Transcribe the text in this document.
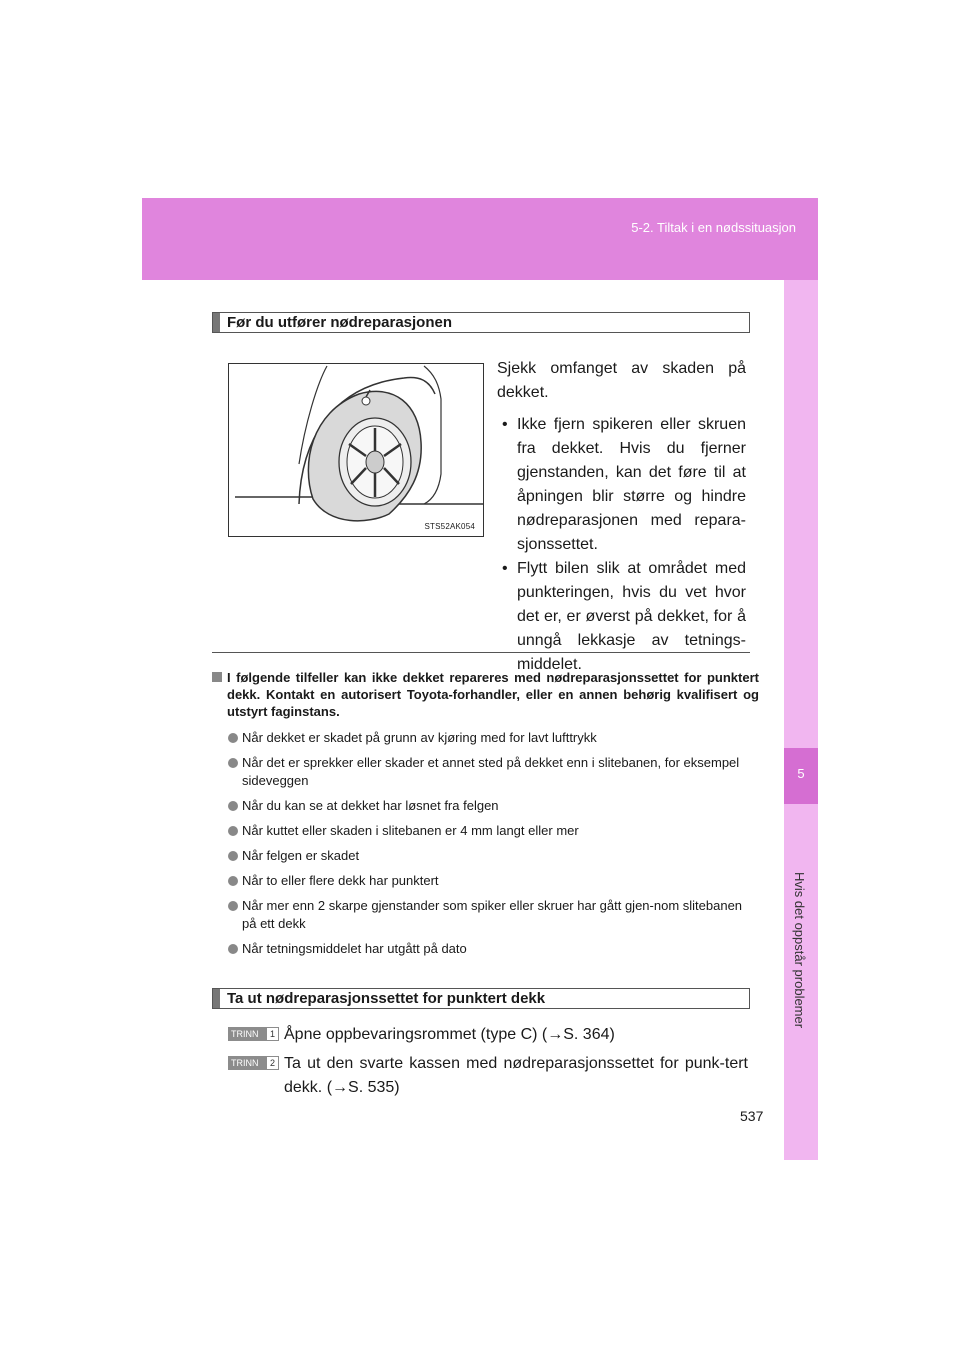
5-2. Tiltak i en nødssituasjon
5
Hvis det oppstår problemer
Før du utfører nødreparasjonen
STS52AK054

Sjekk omfanget av skaden på dekket.

• Ikke fjern spikeren eller skruen fra dekket. Hvis du fjerner gjenstanden, kan det føre til at åpningen blir større og hindre nødreparasjonen med repara-sjonssettet.
• Flytt bilen slik at området med punkteringen, hvis du vet hvor det er, er øverst på dekket, for å unngå lekkasje av tetnings-middelet.
I følgende tilfeller kan ikke dekket repareres med nødreparasjonssettet for punktert dekk. Kontakt en autorisert Toyota-forhandler, eller en annen behørig kvalifisert og utstyrt faginstans.
Når dekket er skadet på grunn av kjøring med for lavt lufttrykk
Når det er sprekker eller skader et annet sted på dekket enn i slitebanen, for eksempel sideveggen
Når du kan se at dekket har løsnet fra felgen
Når kuttet eller skaden i slitebanen er 4 mm langt eller mer
Når felgen er skadet
Når to eller flere dekk har punktert
Når mer enn 2 skarpe gjenstander som spiker eller skruer har gått gjen-nom slitebanen på ett dekk
Når tetningsmiddelet har utgått på dato
Ta ut nødreparasjonssettet for punktert dekk
TRINN	1 Åpne oppbevaringsrommet (type C) (→S. 364)
TRINN	2 Ta ut den svarte kassen med nødreparasjonssettet for punk-tert dekk. (→S. 535)
537
